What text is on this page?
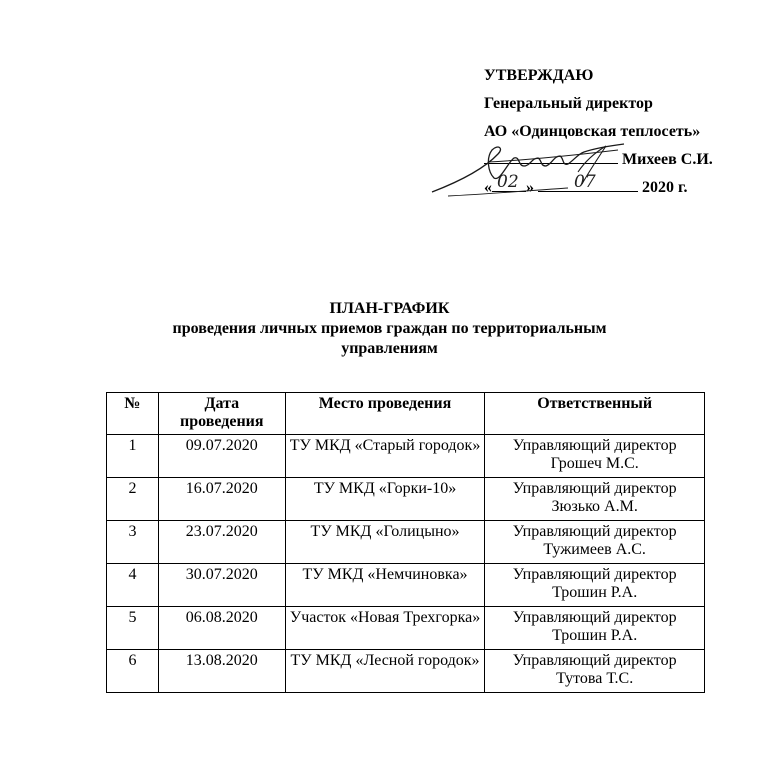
УТВЕРЖДАЮ
Генеральный директор
АО «Одинцовская теплосеть»
Михеев С.И.
« 02 » 07	2020 г.
ПЛАН-ГРАФИК
проведения личных приемов граждан по территориальным
управлениям
№	Дата проведения	Место проведения	Ответственный
1	09.07.2020	ТУ МКД «Старый городок»	Управляющий директор
Грошеч М.С.

2	16.07.2020	ТУ МКД «Горки-10»	Управляющий директор
Зюзько А.М.

3	23.07.2020	ТУ МКД «Голицыно»	Управляющий директор
Тужимеев А.С.

4	30.07.2020	ТУ МКД «Немчиновка»	Управляющий директор
Трошин Р.А.

5	06.08.2020	Участок «Новая Трехгорка»	Управляющий директор
Трошин Р.А.

6	13.08.2020	ТУ МКД «Лесной городок»	Управляющий директор
Тутова Т.С.
